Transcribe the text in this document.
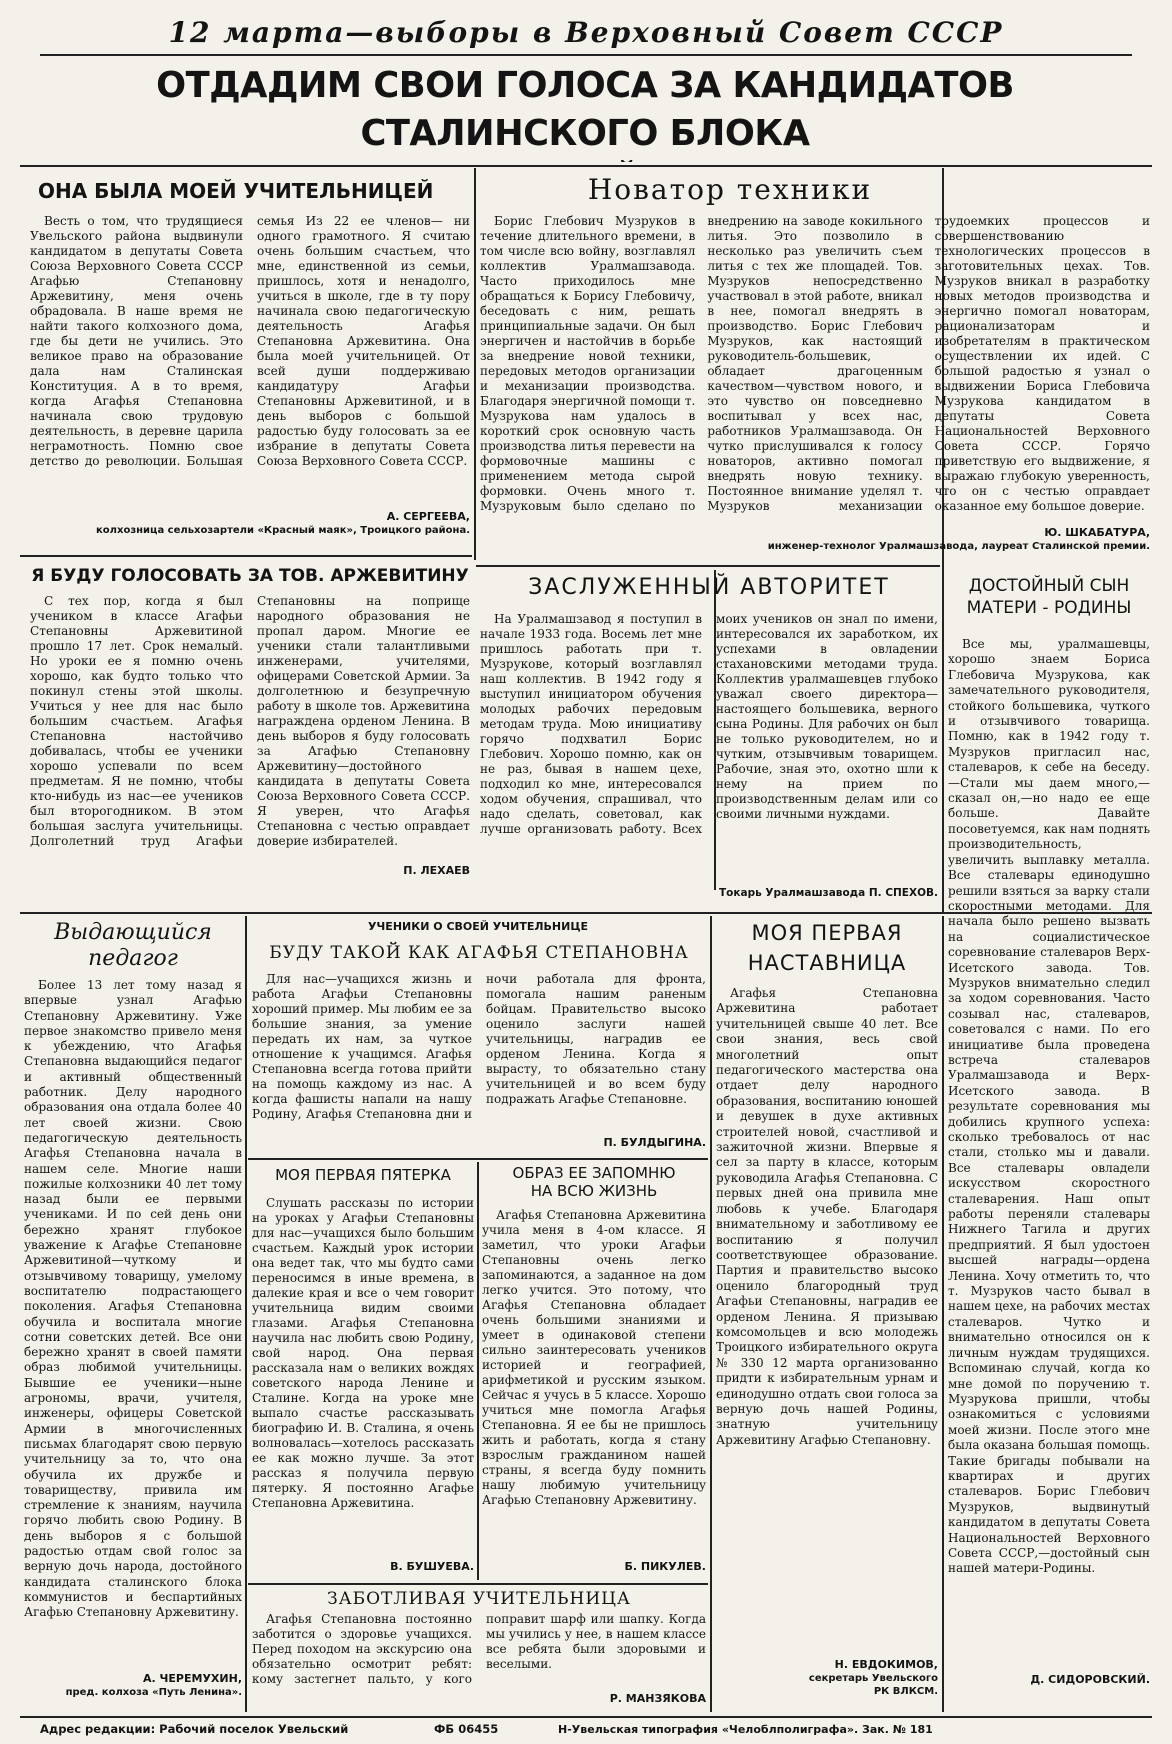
12 марта—выборы в Верховный Совет СССР
ОТДАДИМ СВОИ ГОЛОСА ЗА КАНДИДАТОВ СТАЛИНСКОГО БЛОКА
ОНА БЫЛА МОЕЙ УЧИТЕЛЬНИЦЕЙ

Весть о том, что трудящиеся Увельского района выдвинули кандидатом в депутаты Совета Союза Верховного Совета СССР Агафью Степановну Аржевитину, меня очень обрадовала. В наше время не найти такого колхозного дома, где бы дети не учились. Это великое право на образование дала нам Сталинская Конституция. А в то время, когда Агафья Степановна начинала свою трудовую деятельность, в деревне царила неграмотность. Помню свое детство до революции. Большая семья Из 22 ее членов— ни одного грамотного. Я считаю очень большим счастьем, что мне, единственной из семьи, пришлось, хотя и ненадолго, учиться в школе, где в ту пору начинала свою педагогическую деятельность Агафья Степановна Аржевитина. Она была моей учительницей. От всей души поддерживаю кандидатуру Агафьи Степановны Аржевитиной, и в день выборов с большой радостью буду голосовать за ее избрание в депутаты Совета Союза Верховного Совета СССР.

А. СЕРГЕЕВА,
колхозница сельхозартели «Красный маяк», Троицкого района.
Я БУДУ ГОЛОСОВАТЬ ЗА ТОВ. АРЖЕВИТИНУ

С тех пор, когда я был учеником в классе Агафьи Степановны Аржевитиной прошло 17 лет. Срок немалый. Но уроки ее я помню очень хорошо, как будто только что покинул стены этой школы. Учиться у нее для нас было большим счастьем. Агафья Степановна настойчиво добивалась, чтобы ее ученики хорошо успевали по всем предметам. Я не помню, чтобы кто-нибудь из нас—ее учеников был второгодником. В этом большая заслуга учительницы. Долголетний труд Агафьи Степановны на поприще народного образования не пропал даром. Многие ее ученики стали талантливыми инженерами, учителями, офицерами Советской Армии. За долголетнюю и безупречную работу в школе тов. Аржевитина награждена орденом Ленина. В день выборов я буду голосовать за Агафью Степановну Аржевитину—достойного кандидата в депутаты Совета Союза Верховного Совета СССР. Я уверен, что Агафья Степановна с честью оправдает доверие избирателей.

П. ЛЕХАЕВ
Новатор техники

Борис Глебович Музруков в течение длительного времени, в том числе всю войну, возглавлял коллектив Уралмашзавода. Часто приходилось мне обращаться к Борису Глебовичу, беседовать с ним, решать принципиальные задачи. Он был энергичен и настойчив в борьбе за внедрение новой техники, передовых методов организации и механизации производства. Благодаря энергичной помощи т. Музрукова нам удалось в короткий срок основную часть производства литья перевести на формовочные машины с применением метода сырой формовки. Очень много т. Музруковым было сделано по внедрению на заводе кокильного литья. Это позволило в несколько раз увеличить съем литья с тех же площадей. Тов. Музруков непосредственно участвовал в этой работе, вникал в нее, помогал внедрять в производство. Борис Глебович Музруков, как настоящий руководитель-большевик, обладает драгоценным качеством—чувством нового, и это чувство он повседневно воспитывал у всех нас, работников Уралмашзавода. Он чутко прислушивался к голосу новаторов, активно помогал внедрять новую технику. Постоянное внимание уделял т. Музруков механизации трудоемких процессов и совершенствованию технологических процессов в заготовительных цехах. Тов. Музруков вникал в разработку новых методов производства и энергично помогал новаторам, рационализаторам и изобретателям в практическом осуществлении их идей. С большой радостью я узнал о выдвижении Бориса Глебовича Музрукова кандидатом в депутаты Совета Национальностей Верховного Совета СССР. Горячо приветствую его выдвижение, я выражаю глубокую уверенность, что он с честью оправдает оказанное ему большое доверие.

Ю. ШКАБАТУРА,
инженер-технолог Уралмашзавода, лауреат Сталинской премии.
ЗАСЛУЖЕННЫЙ АВТОРИТЕТ

На Уралмашзавод я поступил в начале 1933 года. Восемь лет мне пришлось работать при т. Музрукове, который возглавлял наш коллектив. В 1942 году я выступил инициатором обучения молодых рабочих передовым методам труда. Мою инициативу горячо подхватил Борис Глебович. Хорошо помню, как он не раз, бывая в нашем цехе, подходил ко мне, интересовался ходом обучения, спрашивал, что надо сделать, советовал, как лучше организовать работу. Всех моих учеников он знал по имени, интересовался их заработком, их успехами в овладении стахановскими методами труда. Коллектив уралмашевцев глубоко уважал своего директора—настоящего большевика, верного сына Родины. Для рабочих он был не только руководителем, но и чутким, отзывчивым товарищем. Рабочие, зная это, охотно шли к нему на прием по производственным делам или со своими личными нуждами.

Токарь Уралмашзавода П. СПЕХОВ.
ДОСТОЙНЫЙ СЫН МАТЕРИ - РОДИНЫ

Все мы, уралмашевцы, хорошо знаем Бориса Глебовича Музрукова, как замечательного руководителя, стойкого большевика, чуткого и отзывчивого товарища. Помню, как в 1942 году т. Музруков пригласил нас, сталеваров, к себе на беседу. —Стали мы даем много,—сказал он,—но надо ее еще больше. Давайте посоветуемся, как нам поднять производительность, увеличить выплавку металла. Все сталевары единодушно решили взяться за варку стали скоростными методами. Для начала было решено вызвать на социалистическое соревнование сталеваров Верх-Исетского завода. Тов. Музруков внимательно следил за ходом соревнования. Часто созывал нас, сталеваров, советовался с нами. По его инициативе была проведена встреча сталеваров Уралмашзавода и Верх-Исетского завода. В результате соревнования мы добились крупного успеха: сколько требовалось от нас стали, столько мы и давали. Все сталевары овладели искусством скоростного сталеварения. Наш опыт работы переняли сталевары Нижнего Тагила и других предприятий. Я был удостоен высшей награды—ордена Ленина. Хочу отметить то, что т. Музруков часто бывал в нашем цехе, на рабочих местах сталеваров. Чутко и внимательно относился он к личным нуждам трудящихся. Вспоминаю случай, когда ко мне домой по поручению т. Музрукова пришли, чтобы ознакомиться с условиями моей жизни. После этого мне была оказана большая помощь. Такие бригады побывали на квартирах и других сталеваров. Борис Глебович Музруков, выдвинутый кандидатом в депутаты Совета Национальностей Верховного Совета СССР,—достойный сын нашей матери-Родины.

Д. СИДОРОВСКИЙ.
Выдающийся
педагог

Более 13 лет тому назад я впервые узнал Агафью Степановну Аржевитину. Уже первое знакомство привело меня к убеждению, что Агафья Степановна выдающийся педагог и активный общественный работник. Делу народного образования она отдала более 40 лет своей жизни. Свою педагогическую деятельность Агафья Степановна начала в нашем селе. Многие наши пожилые колхозники 40 лет тому назад были ее первыми учениками. И по сей день они бережно хранят глубокое уважение к Агафье Степановне Аржевитиной—чуткому и отзывчивому товарищу, умелому воспитателю подрастающего поколения. Агафья Степановна обучила и воспитала многие сотни советских детей. Все они бережно хранят в своей памяти образ любимой учительницы. Бывшие ее ученики—ныне агрономы, врачи, учителя, инженеры, офицеры Советской Армии в многочисленных письмах благодарят свою первую учительницу за то, что она обучила их дружбе и товариществу, привила им стремление к знаниям, научила горячо любить свою Родину. В день выборов я с большой радостью отдам свой голос за верную дочь народа, достойного кандидата сталинского блока коммунистов и беспартийных Агафью Степановну Аржевитину.

А. ЧЕРЕМУХИН,
пред. колхоза «Путь Ленина».
УЧЕНИКИ О СВОЕЙ УЧИТЕЛЬНИЦЕ
БУДУ ТАКОЙ КАК АГАФЬЯ СТЕПАНОВНА

Для нас—учащихся жизнь и работа Агафьи Степановны хороший пример. Мы любим ее за большие знания, за умение передать их нам, за чуткое отношение к учащимся. Агафья Степановна всегда готова прийти на помощь каждому из нас. А когда фашисты напали на нашу Родину, Агафья Степановна дни и ночи работала для фронта, помогала нашим раненым бойцам. Правительство высоко оценило заслуги нашей учительницы, наградив ее орденом Ленина. Когда я вырасту, то обязательно стану учительницей и во всем буду подражать Агафье Степановне.

П. БУЛДЫГИНА.
МОЯ ПЕРВАЯ ПЯТЕРКА

Слушать рассказы по истории на уроках у Агафьи Степановны для нас—учащихся было большим счастьем. Каждый урок истории она ведет так, что мы будто сами переносимся в иные времена, в далекие края и все о чем говорит учительница видим своими глазами. Агафья Степановна научила нас любить свою Родину, свой народ. Она первая рассказала нам о великих вождях советского народа Ленине и Сталине. Когда на уроке мне выпало счастье рассказывать биографию И. В. Сталина, я очень волновалась—хотелось рассказать ее как можно лучше. За этот рассказ я получила первую пятерку. Я постоянно Агафье Степановна Аржевитина.

В. БУШУЕВА.
ОБРАЗ ЕЕ ЗАПОМНЮ
НА ВСЮ ЖИЗНЬ

Агафья Степановна Аржевитина учила меня в 4-ом классе. Я заметил, что уроки Агафьи Степановны очень легко запоминаются, а заданное на дом легко учится. Это потому, что Агафья Степановна обладает очень большими знаниями и умеет в одинаковой степени сильно заинтересовать учеников историей и географией, арифметикой и русским языком. Сейчас я учусь в 5 классе. Хорошо учиться мне помогла Агафья Степановна. Я ее бы не пришлось жить и работать, когда я стану взрослым гражданином нашей страны, я всегда буду помнить нашу любимую учительницу Агафью Степановну Аржевитину.

Б. ПИКУЛЕВ.
МОЯ ПЕРВАЯ
НАСТАВНИЦА

Агафья Степановна Аржевитина работает учительницей свыше 40 лет. Все свои знания, весь свой многолетний опыт педагогического мастерства она отдает делу народного образования, воспитанию юношей и девушек в духе активных строителей новой, счастливой и зажиточной жизни. Впервые я сел за парту в классе, которым руководила Агафья Степановна. С первых дней она привила мне любовь к учебе. Благодаря внимательному и заботливому ее воспитанию я получил соответствующее образование. Партия и правительство высоко оценило благородный труд Агафьи Степановны, наградив ее орденом Ленина. Я призываю комсомольцев и всю молодежь Троицкого избирательного округа № 330 12 марта организованно придти к избирательным урнам и единодушно отдать свои голоса за верную дочь нашей Родины, знатную учительницу Аржевитину Агафью Степановну.

Н. ЕВДОКИМОВ,
секретарь Увельского
РК ВЛКСМ.
ЗАБОТЛИВАЯ УЧИТЕЛЬНИЦА

Агафья Степановна постоянно заботится о здоровье учащихся. Перед походом на экскурсию она обязательно осмотрит ребят: кому застегнет пальто, у кого поправит шарф или шапку. Когда мы учились у нее, в нашем классе все ребята были здоровыми и веселыми.

Р. МАНЗЯКОВА
Адрес редакции: Рабочий поселок Увельский	ФБ 06455	Н-Увельская типография «Челоблполиграфа». Зак. № 181
